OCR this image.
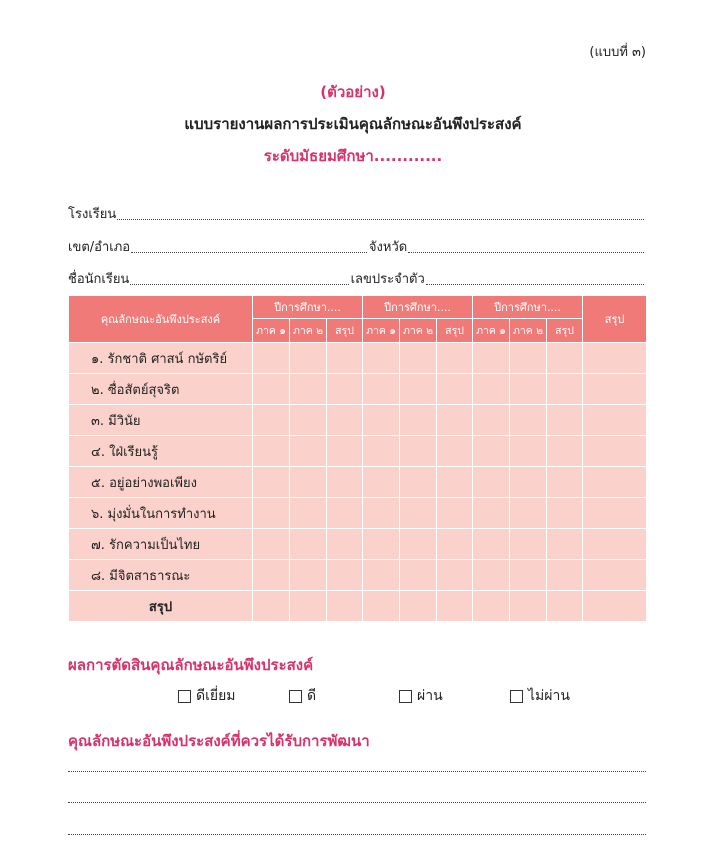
(แบบที่ ๓)
(ตัวอย่าง)
แบบรายงานผลการประเมินคุณลักษณะอันพึงประสงค์
ระดับมัธยมศึกษา............
โรงเรียน
เขต/อำเภอ	จังหวัด
ชื่อนักเรียน	เลขประจำตัว
คุณลักษณะอันพึงประสงค์	ปีการศึกษา....			ปีการศึกษา....			ปีการศึกษา....			สรุป
	ภาค ๑	ภาค ๒	สรุป	ภาค ๑	ภาค ๒	สรุป	ภาค ๑	ภาค ๒	สรุป	
๑. รักชาติ ศาสน์ กษัตริย์										
๒. ซื่อสัตย์สุจริต										
๓. มีวินัย										
๔. ใฝ่เรียนรู้										
๕. อยู่อย่างพอเพียง										
๖. มุ่งมั่นในการทำงาน										
๗. รักความเป็นไทย										
๘. มีจิตสาธารณะ										
สรุป										
ผลการตัดสินคุณลักษณะอันพึงประสงค์
ดีเยี่ยม	ดี	ผ่าน	ไม่ผ่าน
คุณลักษณะอันพึงประสงค์ที่ควรได้รับการพัฒนา
